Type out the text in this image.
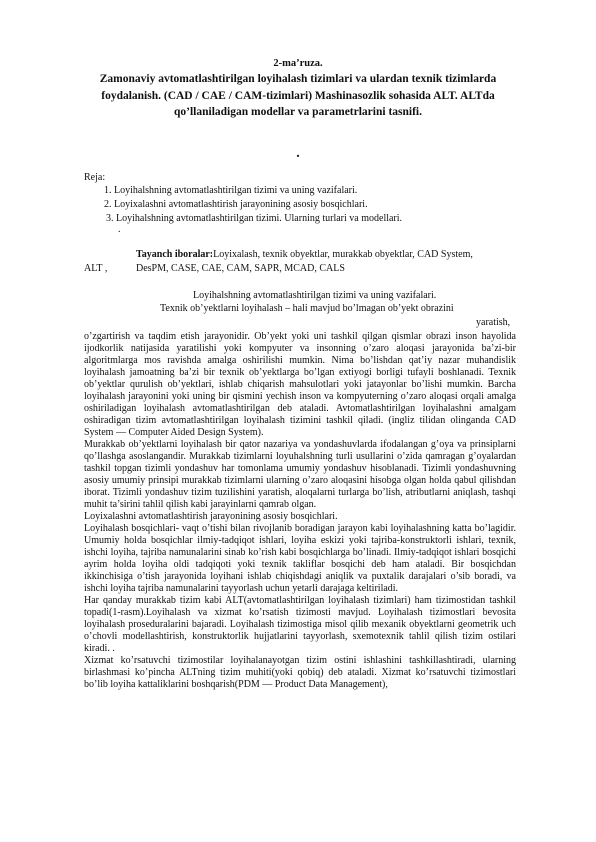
2-ma’ruza.
Zamonaviy avtomatlashtirilgan loyihalash tizimlari va ulardan texnik tizimlarda foydalanish. (CAD / CAE / CAM-tizimlari) Mashinasozlik sohasida ALT. ALTda qo’llaniladigan modellar va parametrlarini tasnifi.
.
Reja:
1. Loyihalshning avtomatlashtirilgan tizimi va uning vazifalari.
2. Loyixalashni avtomatlashtirish jarayonining asosiy bosqichlari.
3. Loyihalshning avtomatlashtirilgan tizimi. Ularning turlari va modellari.
.
Tayanch iboralar:Loyixalash, texnik obyektlar, murakkab obyektlar, CAD System,
ALT ,	DesPM, CASE, CAE, CAM, SAPR, MCAD, CALS
Loyihalshning avtomatlashtirilgan tizimi va uning vazifalari.
Texnik ob’yektlarni loyihalash – hali mavjud bo’lmagan ob’yekt obrazini
yaratish,

o’zgartirish va taqdim etish jarayonidir. Ob’yekt yoki uni tashkil qilgan qismlar obrazi inson hayolida ijodkorlik natijasida yaratilishi yoki kompyuter va insonning o’zaro aloqasi jarayonida ba’zi-bir algoritmlarga mos ravishda amalga oshirilishi mumkin. Nima bo’lishdan qat’iy nazar muhandislik loyihalash jamoatning ba’zi bir texnik ob’yektlarga bo’lgan extiyogi borligi tufayli boshlanadi. Texnik ob’yektlar qurulish ob’yektlari, ishlab chiqarish mahsulotlari yoki jatayonlar bo’lishi mumkin. Barcha loyihalash jarayonini yoki uning bir qismini yechish inson va kompyuterning o’zaro aloqasi orqali amalga oshiriladigan loyihalash avtomatlashtirilgan deb ataladi. Avtomatlashtirilgan loyihalashni amalgam oshiradigan tizim avtomatlashtirilgan loyihalash tizimini tashkil qiladi. (ingliz tilidan olinganda CAD System — Computer Aided Design System).

Murakkab ob’yektlarni loyihalash bir qator nazariya va yondashuvlarda ifodalangan g’oya va prinsiplarni qo’llashga asoslangandir. Murakkab tizimlarni loyuhalshning turli usullarini o’zida qamragan g’oyalardan tashkil topgan tizimli yondashuv har tomonlama umumiy yondashuv hisoblanadi. Tizimli yondashuvning asosiy umumiy prinsipi murakkab tizimlarni ularning o’zaro aloqasini hisobga olgan holda qabul qilishdan iborat. Tizimli yondashuv tizim tuzilishini yaratish, aloqalarni turlarga bo’lish, atributlarni aniqlash, tashqi muhit ta’sirini tahlil qilish kabi jarayinlarni qamrab olgan.

Loyixalashni avtomatlashtirish jarayonining asosiy bosqichlari.

Loyihalash bosqichlari- vaqt o’tishi bilan rivojlanib boradigan jarayon kabi loyihalashning katta bo’lagidir. Umumiy holda bosqichlar ilmiy-tadqiqot ishlari, loyiha eskizi yoki tajriba-konstruktorli ishlari, texnik, ishchi loyiha, tajriba namunalarini sinab ko’rish kabi bosqichlarga bo’linadi. Ilmiy-tadqiqot ishlari bosqichi ayrim holda loyiha oldi tadqiqoti yoki texnik takliflar bosqichi deb ham ataladi. Bir bosqichdan ikkinchisiga o’tish jarayonida loyihani ishlab chiqishdagi aniqlik va puxtalik darajalari o’sib boradi, va ishchi loyiha tajriba namunalarini tayyorlash uchun yetarli darajaga keltiriladi.

Har qanday murakkab tizim kabi ALT(avtomatlashtirilgan loyihalash tizimlari) ham tizimostidan tashkil topadi(1-rasm).Loyihalash va xizmat ko’rsatish tizimosti mavjud. Loyihalash tizimostlari bevosita loyihalash proseduralarini bajaradi. Loyihalash tizimostiga misol qilib mexanik obyektlarni geometrik uch o’chovli modellashtirish, konstruktorlik hujjatlarini tayyorlash, sxemotexnik tahlil qilish tizim ostilari kiradi. .

Xizmat ko’rsatuvchi tizimostilar loyihalanayotgan tizim ostini ishlashini tashkillashtiradi, ularning birlashmasi ko’pincha ALTning tizim muhiti(yoki qobiq) deb ataladi. Xizmat ko’rsatuvchi tizimostlari bo’lib loyiha kattaliklarini boshqarish(PDM — Product Data Management),
